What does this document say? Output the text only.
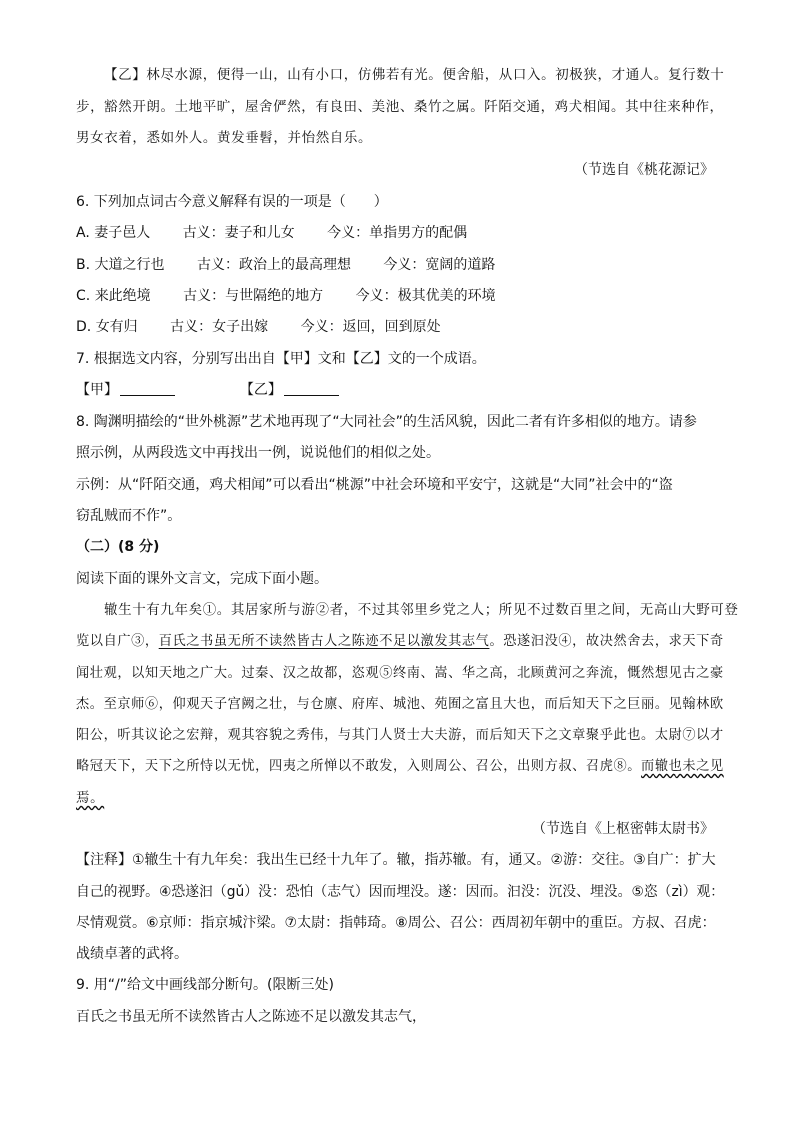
【乙】林尽水源，便得一山，山有小口，仿佛若有光。便舍船，从口入。初极狭，才通人。复行数十
步，豁然开朗。土地平旷，屋舍俨然，有良田、美池、桑竹之属。阡陌交通，鸡犬相闻。其中往来种作，
男女衣着，悉如外人。黄发垂髫，并怡然自乐。
（节选自《桃花源记》
6. 下列加点词古今意义解释有误的一项是（　　）
A. 妻子邑人 古义：妻子和儿女 今义：单指男方的配偶
B. 大道之行也 古义：政治上的最高理想 今义：宽阔的道路
C. 来此绝境 古义：与世隔绝的地方 今义：极其优美的环境
D. 女有归 古义：女子出嫁 今义：返回，回到原处
7. 根据选文内容，分别写出出自【甲】文和【乙】文的一个成语。
【甲】	【乙】
8. 陶渊明描绘的“世外桃源”艺术地再现了“大同社会”的生活风貌，因此二者有许多相似的地方。请参
照示例，从两段选文中再找出一例，说说他们的相似之处。
示例：从“阡陌交通，鸡犬相闻”可以看出“桃源”中社会环境和平安宁，这就是“大同”社会中的“盗
窃乱贼而不作”。
（二）(8 分)
阅读下面的课外文言文，完成下面小题。
辙生十有九年矣①。其居家所与游②者，不过其邻里乡党之人；所见不过数百里之间，无高山大野可登
览以自广③，百氏之书虽无所不读然皆古人之陈迹不足以激发其志气。恐遂汩没④，故决然舍去，求天下奇
闻壮观，以知天地之广大。过秦、汉之故都，恣观⑤终南、嵩、华之高，北顾黄河之奔流，慨然想见古之豪
杰。至京师⑥，仰观天子宫阙之壮，与仓廪、府库、城池、苑囿之富且大也，而后知天下之巨丽。见翰林欧
阳公，听其议论之宏辩，观其容貌之秀伟，与其门人贤士大夫游，而后知天下之文章聚乎此也。太尉⑦以才
略冠天下，天下之所恃以无忧，四夷之所惮以不敢发，入则周公、召公，出则方叔、召虎⑧。而辙也未之见
焉。
（节选自《上枢密韩太尉书》
【注释】①辙生十有九年矣：我出生已经十九年了。辙，指苏辙。有，通又。②游：交往。③自广：扩大
自己的视野。④恐遂汩（gǔ）没：恐怕（志气）因而埋没。遂：因而。汩没：沉没、埋没。⑤恣（zì）观：
尽情观赏。⑥京师：指京城汴梁。⑦太尉：指韩琦。⑧周公、召公：西周初年朝中的重臣。方叔、召虎：
战绩卓著的武将。
9. 用“/”给文中画线部分断句。(限断三处)
百氏之书虽无所不读然皆古人之陈迹不足以激发其志气，
